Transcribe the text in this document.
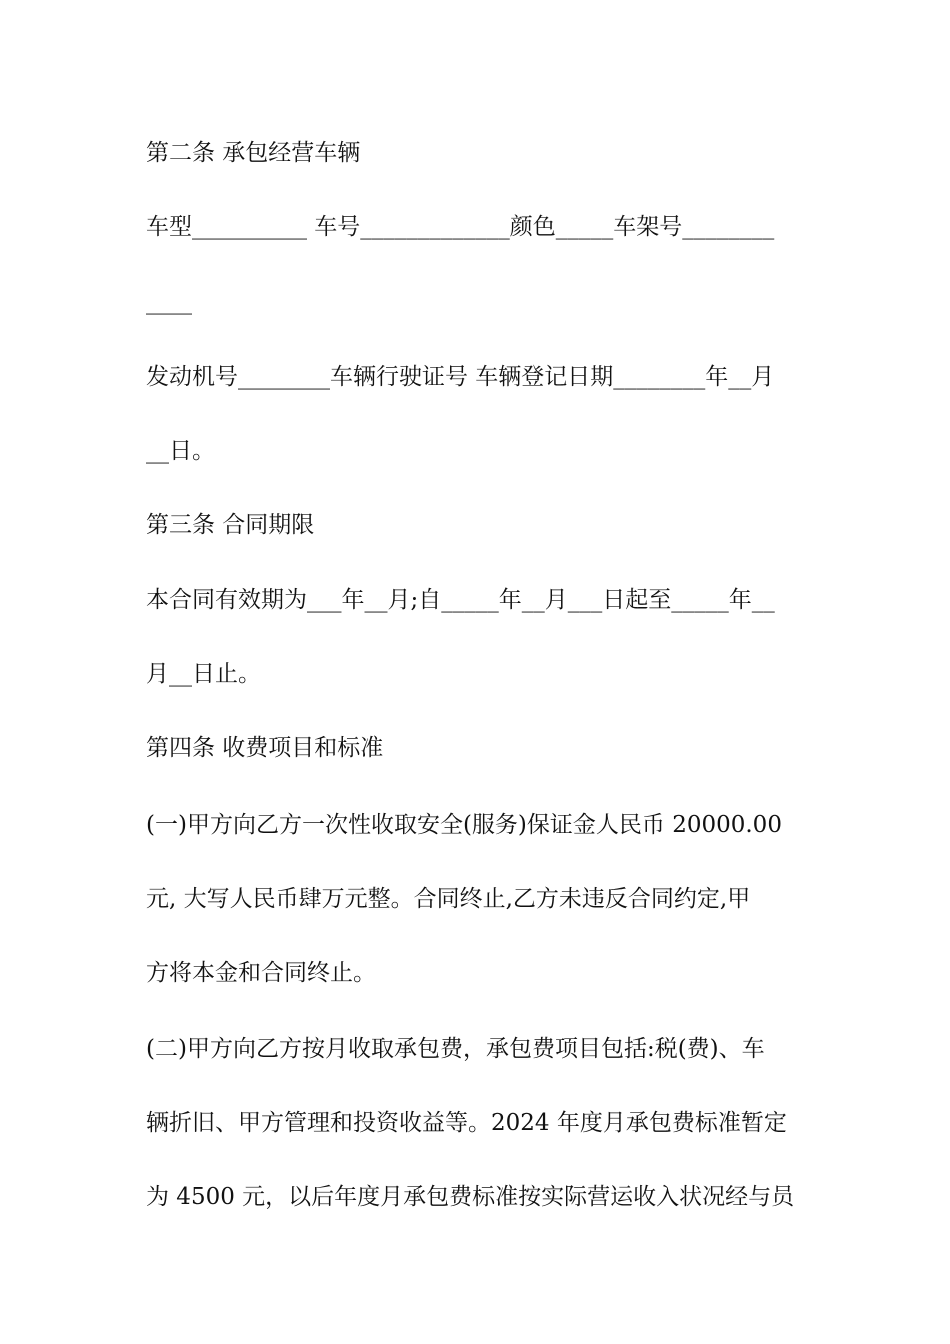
第二条 承包经营车辆
车型__________ 车号_____________颜色_____车架号________
____
发动机号________车辆行驶证号 车辆登记日期________年__月
__日。
第三条 合同期限
本合同有效期为___年__月;自_____年__月___日起至_____年__
月__日止。
第四条 收费项目和标准
(一)甲方向乙方一次性收取安全(服务)保证金人民币 20000.00
元, 大写人民币肆万元整。合同终止,乙方未违反合同约定,甲
方将本金和合同终止。
(二)甲方向乙方按月收取承包费，承包费项目包括:税(费)、车
辆折旧、甲方管理和投资收益等。2024 年度月承包费标准暂定
为 4500 元，以后年度月承包费标准按实际营运收入状况经与员
